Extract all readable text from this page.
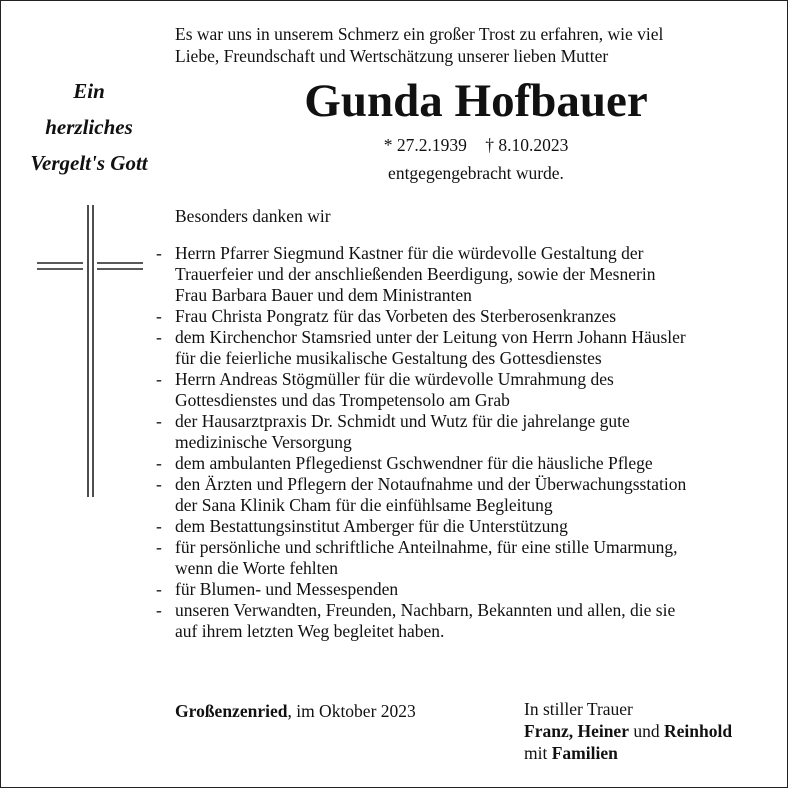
Es war uns in unserem Schmerz ein großer Trost zu erfahren, wie viel
Liebe, Freundschaft und Wertschätzung unserer lieben Mutter
Ein
herzliches
Vergelt's Gott
Gunda Hofbauer
* 27.2.1939 † 8.10.2023
entgegengebracht wurde.
Besonders danken wir
- Herrn Pfarrer Siegmund Kastner für die würdevolle Gestaltung der
Trauerfeier und der anschließenden Beerdigung, sowie der Mesnerin
Frau Barbara Bauer und dem Ministranten
- Frau Christa Pongratz für das Vorbeten des Sterberosenkranzes
- dem Kirchenchor Stamsried unter der Leitung von Herrn Johann Häusler
für die feierliche musikalische Gestaltung des Gottesdienstes
- Herrn Andreas Stögmüller für die würdevolle Umrahmung des
Gottesdienstes und das Trompetensolo am Grab
- der Hausarztpraxis Dr. Schmidt und Wutz für die jahrelange gute
medizinische Versorgung
- dem ambulanten Pflegedienst Gschwendner für die häusliche Pflege
- den Ärzten und Pflegern der Notaufnahme und der Überwachungsstation
der Sana Klinik Cham für die einfühlsame Begleitung
- dem Bestattungsinstitut Amberger für die Unterstützung
- für persönliche und schriftliche Anteilnahme, für eine stille Umarmung,
wenn die Worte fehlten
- für Blumen- und Messespenden
- unseren Verwandten, Freunden, Nachbarn, Bekannten und allen, die sie
auf ihrem letzten Weg begleitet haben.
Großenzenried, im Oktober 2023	In stiller Trauer
Franz, Heiner und Reinhold
mit Familien
